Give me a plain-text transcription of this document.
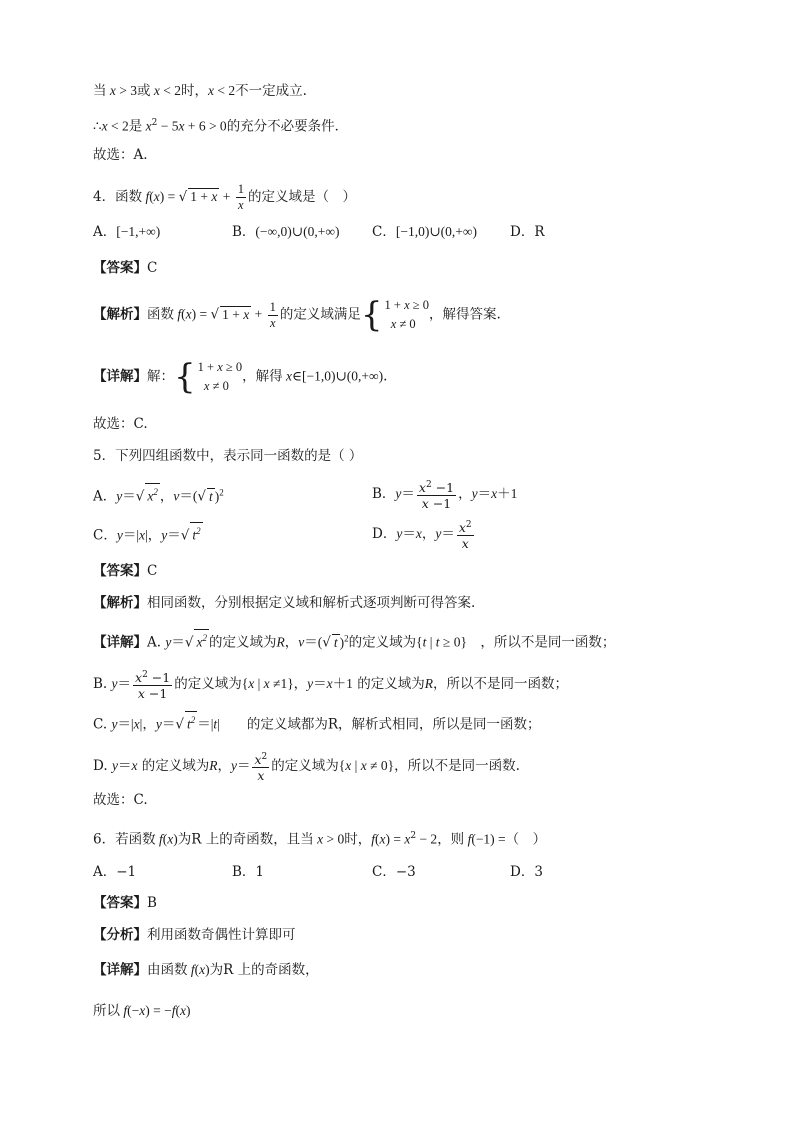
当 x > 3或 x < 2时，x < 2不一定成立.
∴x < 2是 $x^2 - 5x + 6 > 0$的充分不必要条件．
故选：A.
4．函数 f(x) = √ $1 + x + \frac{1}{x}$ 的定义域是（　）
A．[−1,+∞)	B．(−∞,0)∪(0,+∞) C．[−1,0)∪(0,+∞) D．R
【答案】C
【解析】函数 f(x) = √ $1 + x + \frac{1}{x}$ 的定义域满足{ 1 + x ≥ 0
x ≠ 0
，解得答案.
【详解】解：{ 1 + x ≥ 0
x ≠ 0
，解得 x∈[−1,0)∪(0,+∞).
故选：C.
5．下列四组函数中，表示同一函数的是（ ）
A．y＝√ $x^2$ ，v＝(√ t )$^2$	B．$y= \frac{x^2 -1}{x -1}$ ，y＝x＋1
C．y＝|x|，y＝√ $t^2$	D．y＝x，$y= \frac{x^2}{x}$
【答案】C
【解析】相同函数，分别根据定义域和解析式逐项判断可得答案.
【详解】A. y＝√ $x^2$ 的定义域为R，v＝(√ t )$^2$的定义域为{t | t ≥ 0}　，所以不是同一函数；
B. $y= \frac{x^2 -1}{x -1}$ 的定义域为{x | x ≠1}，y＝x＋1 的定义域为R，所以不是同一函数；
C. y＝|x|，y＝√ $t^2 =|t|$　　的定义域都为R，解析式相同，所以是同一函数；
D. y＝x 的定义域为R，$y= \frac{x^2}{x}$ 的定义域为{x | x ≠ 0}，所以不是同一函数.
故选：C.
6．若函数 f(x)为R 上的奇函数，且当 x > 0时，$f(x) = x^2 - 2$，则 f(−1) =（　）
A．−1	B．1	C．−3	D．3
【答案】B
【分析】利用函数奇偶性计算即可
【详解】由函数 f(x)为R 上的奇函数，
所以 f(−x) = −f(x)
